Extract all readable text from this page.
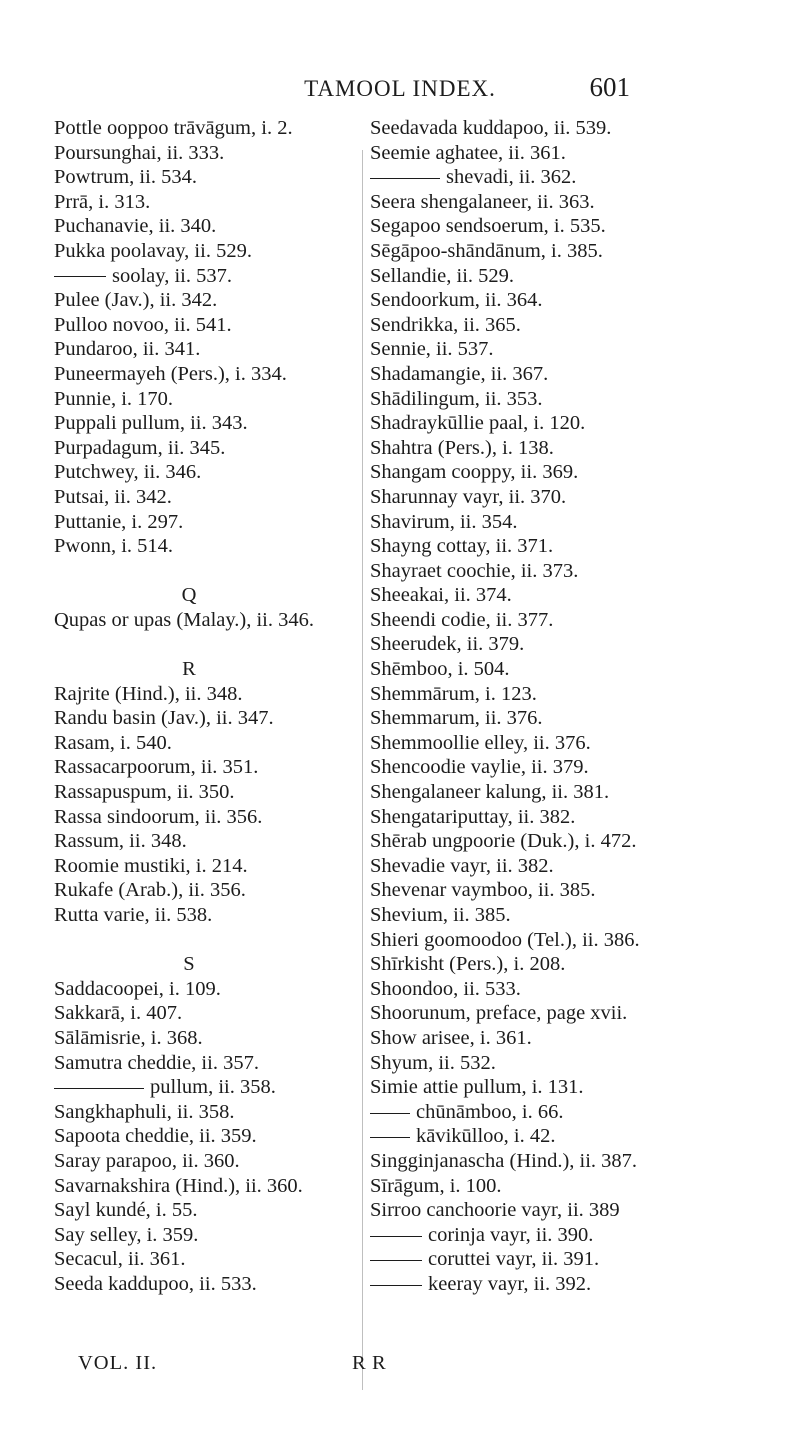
TAMOOL INDEX.	601
Pottle ooppoo trāvāgum, i. 2.
Poursunghai, ii. 333.
Powtrum, ii. 534.
Prrā, i. 313.
Puchanavie, ii. 340.
Pukka poolavay, ii. 529.
soolay, ii. 537.
Pulee (Jav.), ii. 342.
Pulloo novoo, ii. 541.
Pundaroo, ii. 341.
Puneermayeh (Pers.), i. 334.
Punnie, i. 170.
Puppali pullum, ii. 343.
Purpadagum, ii. 345.
Putchwey, ii. 346.
Putsai, ii. 342.
Puttanie, i. 297.
Pwonn, i. 514.
Q
Qupas or upas (Malay.), ii. 346.
R
Rajrite (Hind.), ii. 348.
Randu basin (Jav.), ii. 347.
Rasam, i. 540.
Rassacarpoorum, ii. 351.
Rassapuspum, ii. 350.
Rassa sindoorum, ii. 356.
Rassum, ii. 348.
Roomie mustiki, i. 214.
Rukafe (Arab.), ii. 356.
Rutta varie, ii. 538.
S
Saddacoopei, i. 109.
Sakkarā, i. 407.
Sālāmisrie, i. 368.
Samutra cheddie, ii. 357.
pullum, ii. 358.
Sangkhaphuli, ii. 358.
Sapoota cheddie, ii. 359.
Saray parapoo, ii. 360.
Savarnakshira (Hind.), ii. 360.
Sayl kundé, i. 55.
Say selley, i. 359.
Secacul, ii. 361.
Seeda kaddupoo, ii. 533.
Seedavada kuddapoo, ii. 539.
Seemie aghatee, ii. 361.
shevadi, ii. 362.
Seera shengalaneer, ii. 363.
Segapoo sendsoerum, i. 535.
Sēgāpoo-shāndānum, i. 385.
Sellandie, ii. 529.
Sendoorkum, ii. 364.
Sendrikka, ii. 365.
Sennie, ii. 537.
Shadamangie, ii. 367.
Shādilingum, ii. 353.
Shadraykūllie paal, i. 120.
Shahtra (Pers.), i. 138.
Shangam cooppy, ii. 369.
Sharunnay vayr, ii. 370.
Shavirum, ii. 354.
Shayng cottay, ii. 371.
Shayraet coochie, ii. 373.
Sheeakai, ii. 374.
Sheendi codie, ii. 377.
Sheerudek, ii. 379.
Shēmboo, i. 504.
Shemmārum, i. 123.
Shemmarum, ii. 376.
Shemmoollie elley, ii. 376.
Shencoodie vaylie, ii. 379.
Shengalaneer kalung, ii. 381.
Shengatariputtay, ii. 382.
Shērab ungpoorie (Duk.), i. 472.
Shevadie vayr, ii. 382.
Shevenar vaymboo, ii. 385.
Shevium, ii. 385.
Shieri goomoodoo (Tel.), ii. 386.
Shīrkisht (Pers.), i. 208.
Shoondoo, ii. 533.
Shoorunum, preface, page xvii.
Show arisee, i. 361.
Shyum, ii. 532.
Simie attie pullum, i. 131.
chūnāmboo, i. 66.
kāvikūlloo, i. 42.
Singginjanascha (Hind.), ii. 387.
Sīrāgum, i. 100.
Sirroo canchoorie vayr, ii. 389
corinja vayr, ii. 390.
coruttei vayr, ii. 391.
keeray vayr, ii. 392.
VOL. II.	R R
